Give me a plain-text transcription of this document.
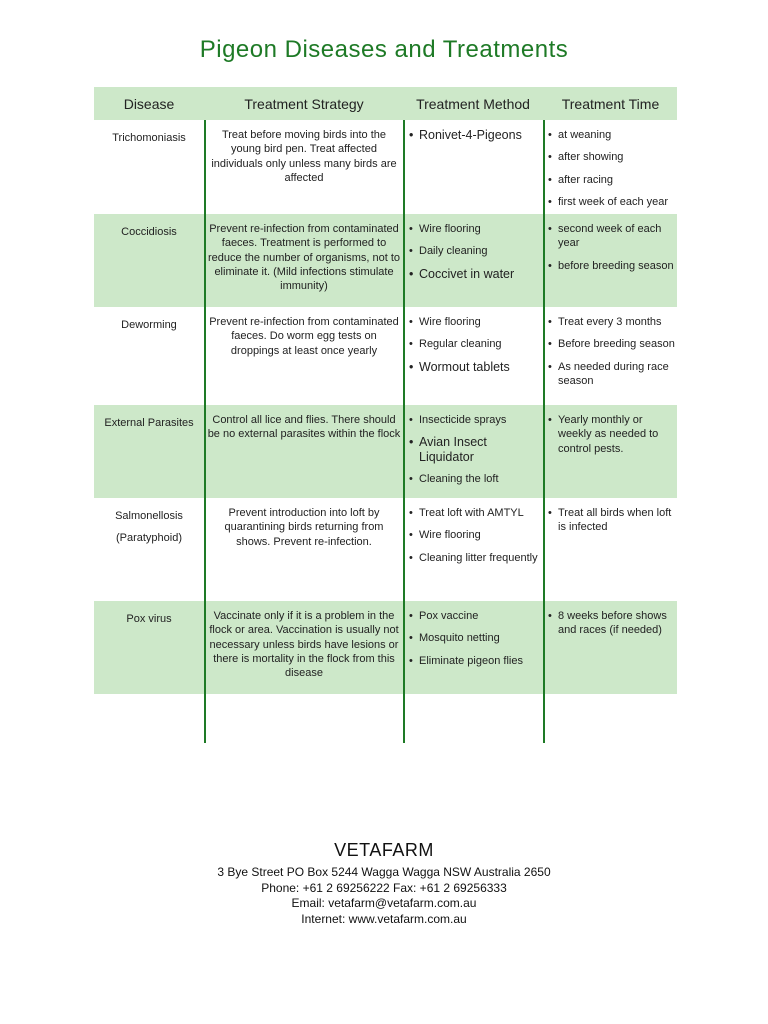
Pigeon Diseases and Treatments
Disease	Treatment Strategy	Treatment Method	Treatment Time
Trichomoniasis	Treat before moving birds into the young bird pen. Treat affected individuals only unless many birds are affected
• Ronivet-4-Pigeons
•	at weaning
• after showing
• after racing
• first week of each year
Coccidiosis	Prevent re-infection from contaminated faeces. Treatment is performed to reduce the number of organisms, not to eliminate it. (Mild infections stimulate immunity)
• Wire flooring
• Daily cleaning
• Coccivet in water
• second week of each year
• before breeding season
Deworming	Prevent re-infection from contaminated faeces. Do worm egg tests on droppings at least once yearly
• Wire flooring
• Regular cleaning
• Wormout tablets
• Treat every 3 months
• Before breeding season
• As needed during race season
External Parasites	Control all lice and flies. There should be no external parasites within the flock
• Insecticide sprays
• Avian Insect Liquidator
• Cleaning the loft
• Yearly monthly or weekly as needed to control pests.
Salmonellosis
(Paratyphoid)
Prevent introduction into loft by quarantining birds returning from shows. Prevent re-infection.
• Treat loft with AMTYL
• Wire flooring
• Cleaning litter frequently
• Treat all birds when loft is infected
Pox virus	Vaccinate only if it is a problem in the flock or area. Vaccination is usually not necessary unless birds have lesions or there is mortality in the flock from this disease
• Pox vaccine
• Mosquito netting
• Eliminate pigeon flies
• 8 weeks before shows and races (if needed)
VETAFARM
3 Bye Street PO Box 5244 Wagga Wagga NSW Australia 2650
Phone: +61 2 69256222 Fax: +61 2 69256333
Email: vetafarm@vetafarm.com.au
Internet: www.vetafarm.com.au
